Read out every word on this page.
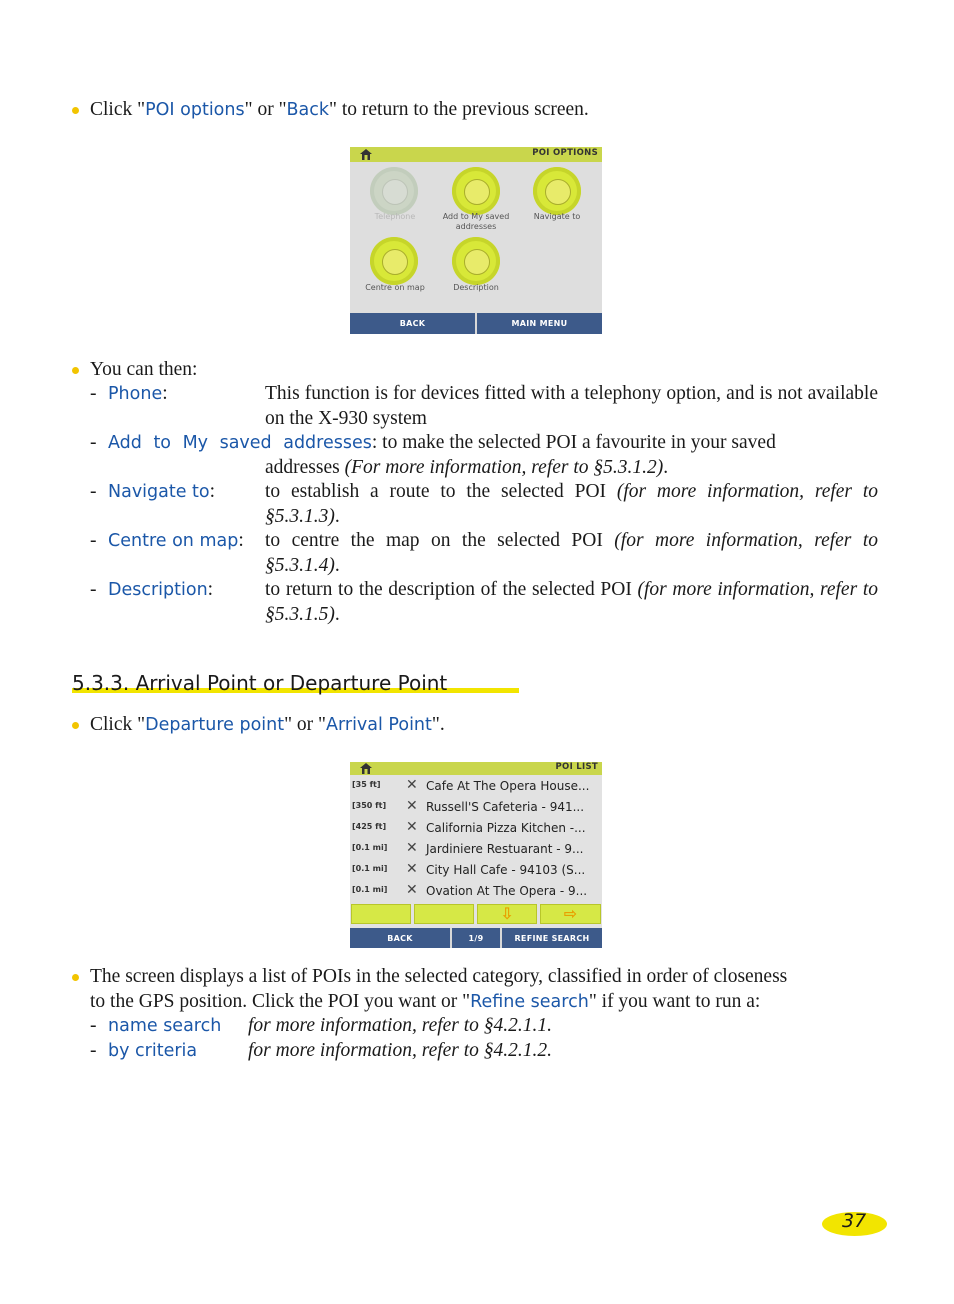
Click "POI options" or "Back" to return to the previous screen.
POI OPTIONS
Telephone	Add to My saved addresses
Navigate to
Centre on map	Description
BACK	MAIN MENU
You can then:
- Phone:	This function is for devices fitted with a telephony option, and is not available on the X-930 system
- Add to My saved addresses: to make the selected POI a favourite in your saved
addresses (For more information, refer to §5.3.1.2).
- Navigate to:	to establish a route to the selected POI (for more information, refer to §5.3.1.3).
- Centre on map: to centre the map on the selected POI (for more information, refer to §5.3.1.4).
- Description:	to return to the description of the selected POI (for more information, refer to §5.3.1.5).
5.3.3. Arrival Point or Departure Point
Click "Departure point" or "Arrival Point".
POI LIST
[35 ft] ✕ Cafe At The Opera House...
[350 ft] ✕ Russell'S Cafeteria - 941...
[425 ft] ✕ California Pizza Kitchen -...
[0.1 mi] ✕ Jardiniere Restuarant - 9...
[0.1 mi] ✕ City Hall Cafe - 94103 (S...
[0.1 mi] ✕ Ovation At The Opera - 9...
⇩	⇨
BACK	1/9	REFINE SEARCH
The screen displays a list of POIs in the selected category, classified in order of closeness
to the GPS position. Click the POI you want or "Refine search" if you want to run a:
- name search for more information, refer to §4.2.1.1.
- by criteria	for more information, refer to §4.2.1.2.
37
